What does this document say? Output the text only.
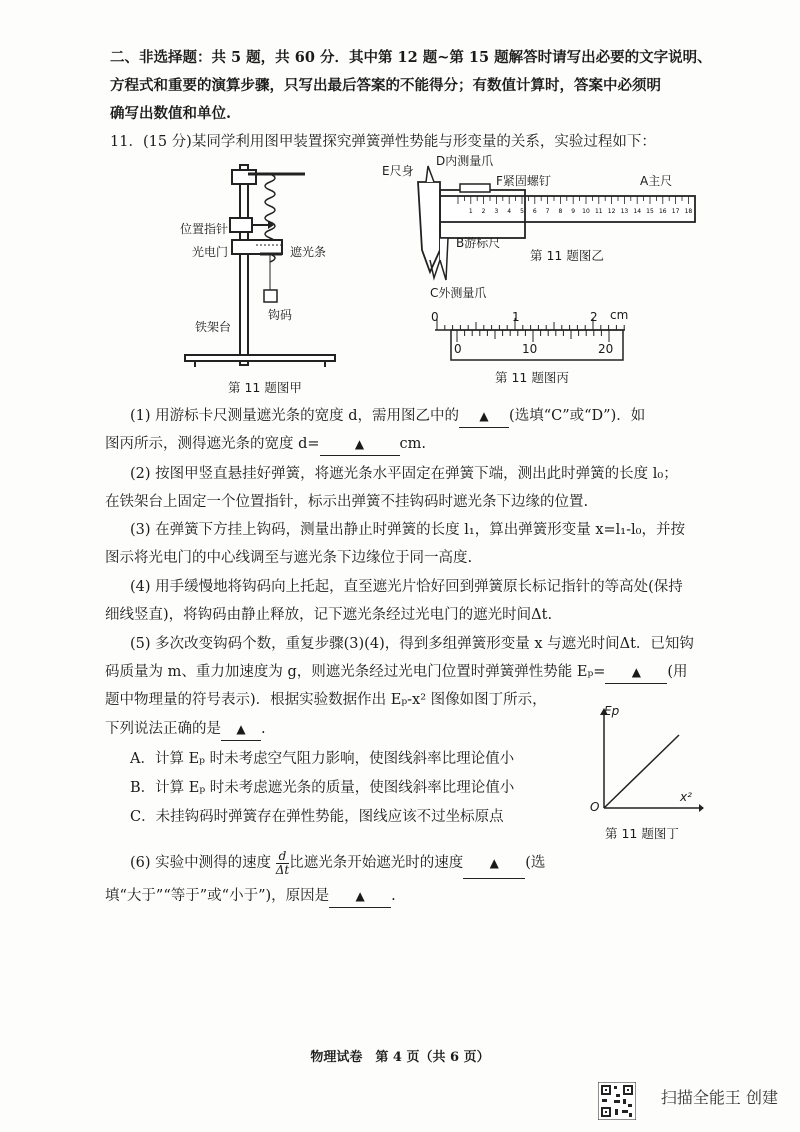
二、非选择题：共 5 题，共 60 分．其中第 12 题~第 15 题解答时请写出必要的文字说明、
方程式和重要的演算步骤，只写出最后答案的不能得分；有数值计算时，答案中必须明
确写出数值和单位.
11．(15 分)某同学利用图甲装置探究弹簧弹性势能与形变量的关系，实验过程如下：
位置指针
光电门	遮光条
钩码
铁架台
第 11 题图甲
1 2 3 4 5 6 7 8 9 10 11 12 13 14 15 16 17 18
E尺身
D内测量爪
F紧固螺钉	A主尺
B游标尺
C外测量爪
第 11 题图乙
0	1	2 cm
0	10	20
第 11 题图丙
(1) 用游标卡尺测量遮光条的宽度 d，需用图乙中的 ▲ (选填“C”或“D”)．如
图丙所示，测得遮光条的宽度 d=	▲ cm.
(2) 按图甲竖直悬挂好弹簧，将遮光条水平固定在弹簧下端，测出此时弹簧的长度 l₀；
在铁架台上固定一个位置指针，标示出弹簧不挂钩码时遮光条下边缘的位置.
(3) 在弹簧下方挂上钩码，测量出静止时弹簧的长度 l₁，算出弹簧形变量 x=l₁-l₀，并按
图示将光电门的中心线调至与遮光条下边缘位于同一高度.
(4) 用手缓慢地将钩码向上托起，直至遮光片恰好回到弹簧原长标记指针的等高处(保持
细线竖直)，将钩码由静止释放，记下遮光条经过光电门的遮光时间Δt.
(5) 多次改变钩码个数，重复步骤(3)(4)，得到多组弹簧形变量 x 与遮光时间Δt．已知钩
码质量为 m、重力加速度为 g，则遮光条经过光电门位置时弹簧弹性势能 Eₚ= ▲ (用
题中物理量的符号表示)．根据实验数据作出 Eₚ-x² 图像如图丁所示，
下列说法正确的是 ▲ .
A．计算 Eₚ 时未考虑空气阻力影响，使图线斜率比理论值小
B．计算 Eₚ 时未考虑遮光条的质量，使图线斜率比理论值小
C．未挂钩码时弹簧存在弹性势能，图线应该不过坐标原点
Ep
x²
O
第 11 题图丁
(6) 实验中测得的速度 $\frac{d}{\Delta t}$ 比遮光条开始遮光时的速度 ▲ (选
填“大于”“等于”或“小于”)，原因是 ▲ .
物理试卷　第 4 页（共 6 页）
扫描全能王 创建
